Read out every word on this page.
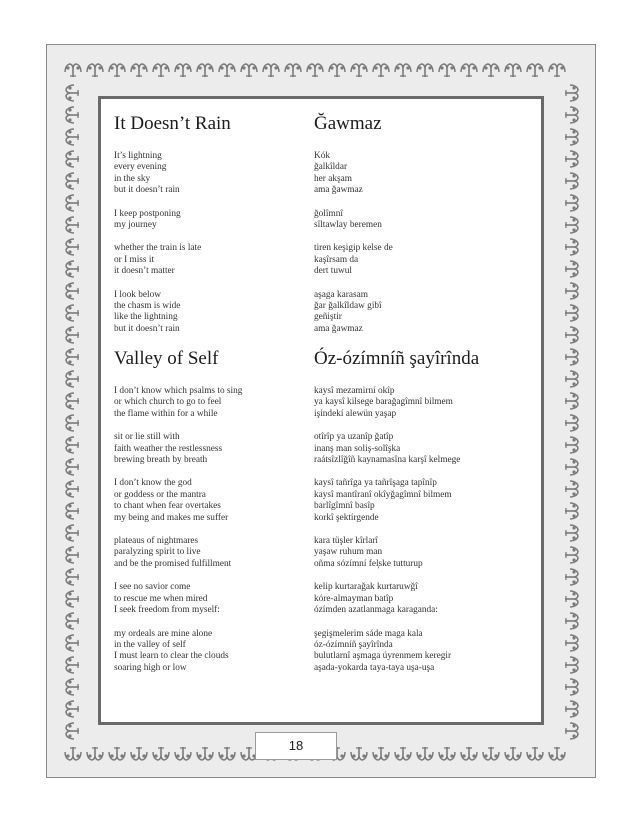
It Doesn’t Rain
It’s lightning
every evening
in the sky
but it doesn’t rain
I keep postponing
my journey
whether the train is late
or I miss it
it doesn’t matter
I look below
the chasm is wide
like the lightning
but it doesn’t rain
Ğawmaz
Kók
ğalkîldar
her akşam
ama ğawmaz
ğolîmnî
sîltawlay beremen
tiren keşigip kelse de
kaşîrsam da
dert tuwul
aşaga karasam
ğar ğalkîldaw gibî
geñiştir
ama ğawmaz
Valley of Self
I don’t know which psalms to sing
or which church to go to feel
the flame within for a while
sit or lie still with
faith weather the restlessness
brewing breath by breath
I don’t know the god
or goddess or the mantra
to chant when fear overtakes
my being and makes me suffer
plateaus of nightmares
paralyzing spirit to live
and be the promised fulfillment
I see no savior come
to rescue me when mired
I seek freedom from myself:
my ordeals are mine alone
in the valley of self
I must learn to clear the clouds
soaring high or low
Óz-ózímníñ şayîrînda
kaysî mezamirní okîp
ya kaysî kilsege barağagîmnî bilmem
işindekí alewün yaşap
otîrîp ya uzanîp ğatîp
inanş man soliş-solîşka
raátsîzlîğîñ kaynamasîna karşî kelmege
kaysî tañrîga ya tañrîşaga tapînîp
kaysî mantîranî okîyğagîmnî bilmem
barlîgîmnî basîp
korkî şektírgende
kara tüşler kîrlarî
yaşaw ruhum man
oñma sózímní fel̦ske tutturup
kelip kurtarağak kurtaruwğî
kóre-almayman batîp
ózímden azatlanmaga karaganda:
şegişmelerim sáde maga kala
óz-ózímníñ şayîrînda
bulutlarnî aşmaga úyrenmem keregir
aşada-yokarda taya-taya uşa-uşa
18
